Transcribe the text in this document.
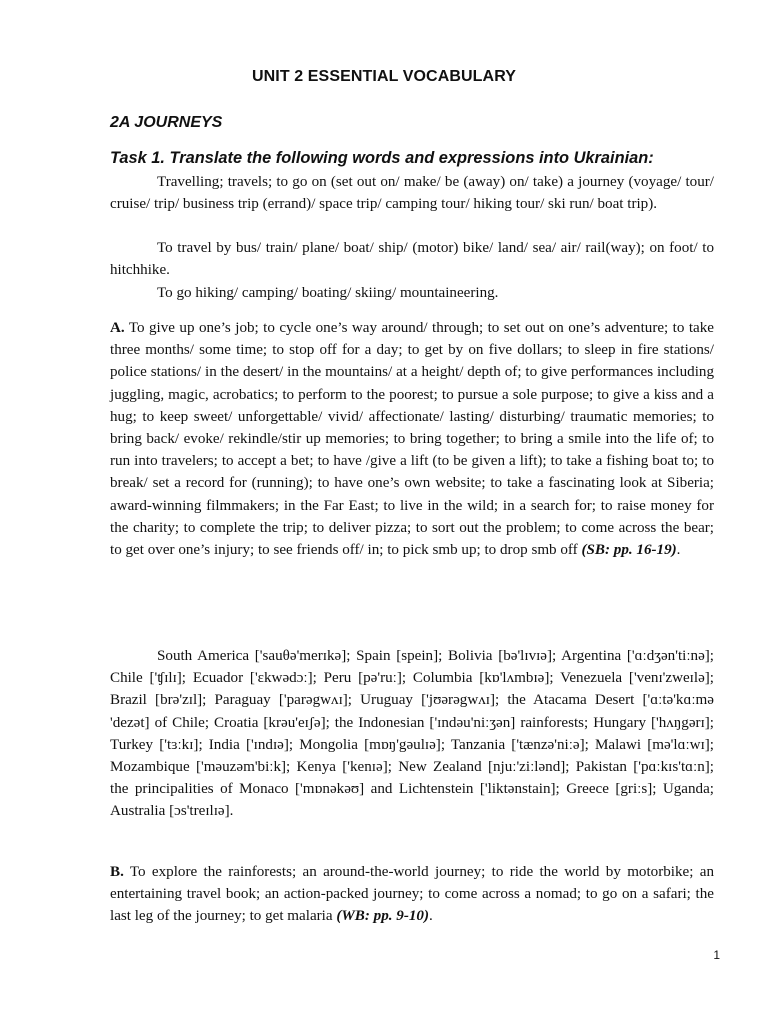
UNIT 2 ESSENTIAL VOCABULARY
2A JOURNEYS
Task 1. Translate the following words and expressions into Ukrainian:

Travelling; travels; to go on (set out on/ make/ be (away) on/ take) a journey (voyage/ tour/ cruise/ trip/ business trip (errand)/ space trip/ camping tour/ hiking tour/ ski run/ boat trip).

To travel by bus/ train/ plane/ boat/ ship/ (motor) bike/ land/ sea/ air/ rail(way); on foot/ to hitchhike.

To go hiking/ camping/ boating/ skiing/ mountaineering.

A. To give up one’s job; to cycle one’s way around/ through; to set out on one’s adventure; to take three months/ some time; to stop off for a day; to get by on five dollars; to sleep in fire stations/ police stations/ in the desert/ in the mountains/ at a height/ depth of; to give performances including juggling, magic, acrobatics; to perform to the poorest; to pursue a sole purpose; to give a kiss and a hug; to keep sweet/ unforgettable/ vivid/ affectionate/ lasting/ disturbing/ traumatic memories; to bring back/ evoke/ rekindle/stir up memories; to bring together; to bring a smile into the life of; to run into travelers; to accept a bet; to have /give a lift (to be given a lift); to take a fishing boat to; to break/ set a record for (running); to have one’s own website; to take a fascinating look at Siberia; award-winning filmmakers; in the Far East; to live in the wild; in a search for; to raise money for the charity; to complete the trip; to deliver pizza; to sort out the problem; to come across the bear; to get over one’s injury; to see friends off/ in; to pick smb up; to drop smb off (SB: pp. 16-19).

South America ['sauθə'merɪkə]; Spain [spein]; Bolivia [bə'lɪvɪə]; Argentina ['ɑːdʒən'tiːnə]; Chile ['ʧɪlɪ]; Ecuador ['ɛkwədɔː]; Peru [pə'ruː]; Columbia [kɒ'lʌmbɪə]; Venezuela ['venɪ'zweɪlə]; Brazil [brə'zɪl]; Paraguay ['parəgwʌɪ]; Uruguay ['jʊərəgwʌɪ]; the Atacama Desert ['ɑːtə'kɑːmə 'dezət] of Chile; Croatia [krəu'eɪʃə]; the Indonesian ['ɪndəu'niːʒən] rainforests; Hungary ['hʌŋgərɪ]; Turkey ['tɜːkɪ]; India ['ɪndɪə]; Mongolia [mɒŋ'gəulɪə]; Tanzania ['tænzə'niːə]; Malawi [mə'lɑːwɪ]; Mozambique ['məuzəm'biːk]; Kenya ['kenɪə]; New Zealand [njuː'ziːlənd]; Pakistan ['pɑːkɪs'tɑːn]; the principalities of Monaco ['mɒnəkəʊ] and Lichtenstein ['liktənstain]; Greece [griːs]; Uganda; Australia [ɔs'treɪlɪə].

B. To explore the rainforests; an around-the-world journey; to ride the world by motorbike; an entertaining travel book; an action-packed journey; to come across a nomad; to go on a safari; the last leg of the journey; to get malaria (WB: pp. 9-10).

1
